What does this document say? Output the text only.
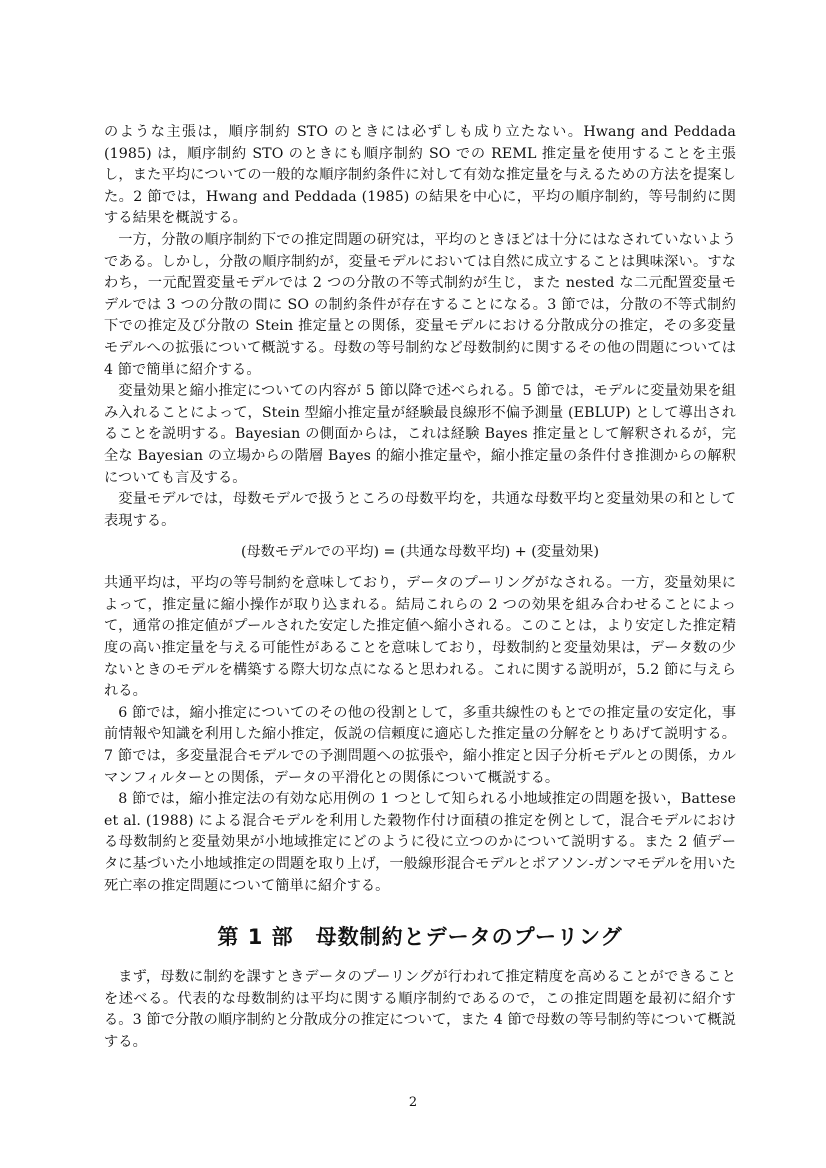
のような主張は，順序制約 STO のときには必ずしも成り立たない。Hwang and Peddada (1985) は，順序制約 STO のときにも順序制約 SO での REML 推定量を使用することを主張し，また平均についての一般的な順序制約条件に対して有効な推定量を与えるための方法を提案した。2 節では，Hwang and Peddada (1985) の結果を中心に，平均の順序制約，等号制約に関する結果を概説する。

一方，分散の順序制約下での推定問題の研究は，平均のときほどは十分にはなされていないようである。しかし，分散の順序制約が，変量モデルにおいては自然に成立することは興味深い。すなわち，一元配置変量モデルでは 2 つの分散の不等式制約が生じ，また nested な二元配置変量モデルでは 3 つの分散の間に SO の制約条件が存在することになる。3 節では，分散の不等式制約下での推定及び分散の Stein 推定量との関係，変量モデルにおける分散成分の推定，その多変量モデルへの拡張について概説する。母数の等号制約など母数制約に関するその他の問題については 4 節で簡単に紹介する。

変量効果と縮小推定についての内容が 5 節以降で述べられる。5 節では，モデルに変量効果を組み入れることによって，Stein 型縮小推定量が経験最良線形不偏予測量 (EBLUP) として導出されることを説明する。Bayesian の側面からは，これは経験 Bayes 推定量として解釈されるが，完全な Bayesian の立場からの階層 Bayes 的縮小推定量や，縮小推定量の条件付き推測からの解釈についても言及する。

変量モデルでは，母数モデルで扱うところの母数平均を，共通な母数平均と変量効果の和として表現する。

(母数モデルでの平均) = (共通な母数平均) + (変量効果)

共通平均は，平均の等号制約を意味しており，データのプーリングがなされる。一方，変量効果によって，推定量に縮小操作が取り込まれる。結局これらの 2 つの効果を組み合わせることによって，通常の推定値がプールされた安定した推定値へ縮小される。このことは，より安定した推定精度の高い推定量を与える可能性があることを意味しており，母数制約と変量効果は，データ数の少ないときのモデルを構築する際大切な点になると思われる。これに関する説明が，5.2 節に与えられる。

6 節では，縮小推定についてのその他の役割として，多重共線性のもとでの推定量の安定化，事前情報や知識を利用した縮小推定，仮説の信頼度に適応した推定量の分解をとりあげて説明する。7 節では，多変量混合モデルでの予測問題への拡張や，縮小推定と因子分析モデルとの関係，カルマンフィルターとの関係，データの平滑化との関係について概説する。

8 節では，縮小推定法の有効な応用例の 1 つとして知られる小地域推定の問題を扱い，Battese et al. (1988) による混合モデルを利用した穀物作付け面積の推定を例として，混合モデルにおける母数制約と変量効果が小地域推定にどのように役に立つのかについて説明する。また 2 値データに基づいた小地域推定の問題を取り上げ，一般線形混合モデルとポアソン-ガンマモデルを用いた死亡率の推定問題について簡単に紹介する。

第 1 部　母数制約とデータのプーリング

まず，母数に制約を課すときデータのプーリングが行われて推定精度を高めることができることを述べる。代表的な母数制約は平均に関する順序制約であるので，この推定問題を最初に紹介する。3 節で分散の順序制約と分散成分の推定について，また 4 節で母数の等号制約等について概説する。

2
